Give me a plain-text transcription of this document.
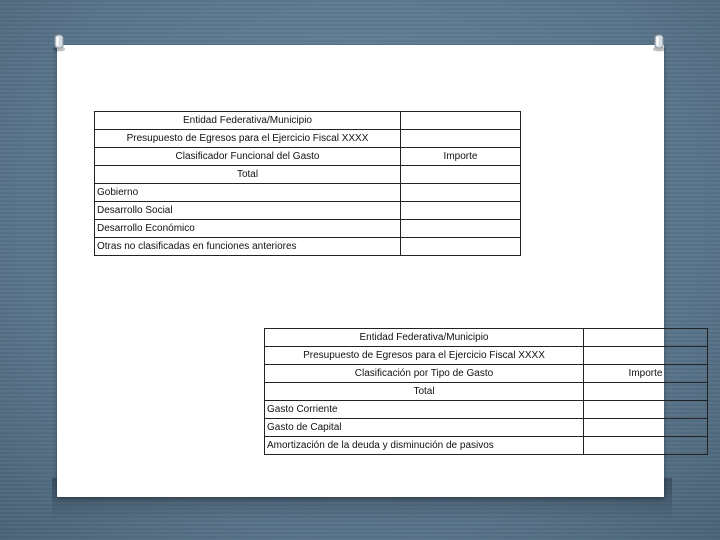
Entidad Federativa/Municipio	
Presupuesto de Egresos para el Ejercicio Fiscal XXXX	
Clasificador Funcional del Gasto	Importe
Total	
Gobierno	
Desarrollo Social	
Desarrollo Económico	
Otras no clasificadas en funciones anteriores	
Entidad Federativa/Municipio	
Presupuesto de Egresos para el Ejercicio Fiscal XXXX	
Clasificación por Tipo de Gasto	Importe
Total	
Gasto Corriente	
Gasto de Capital	
Amortización de la deuda y disminución de pasivos	
